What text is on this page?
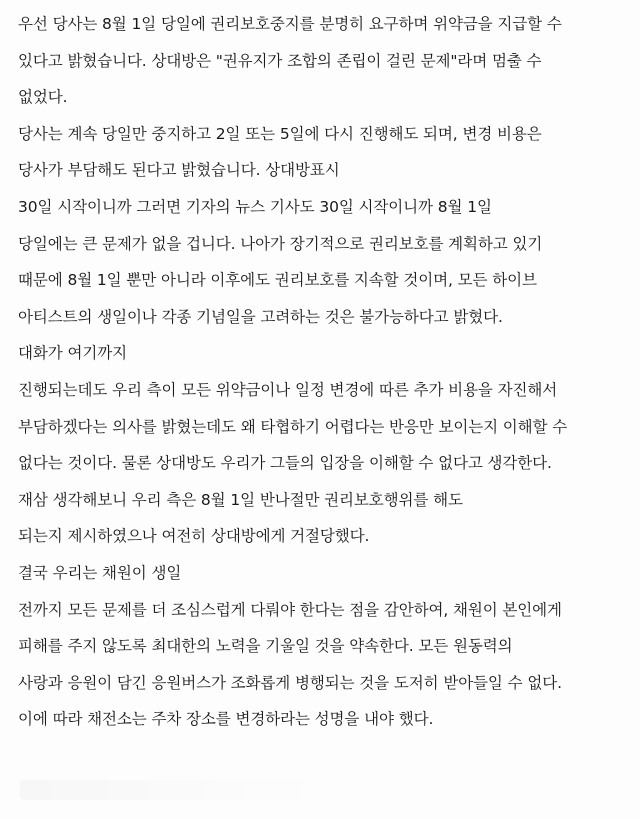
우선 당사는 8월 1일 당일에 권리보호중지를 분명히 요구하며 위약금을 지급할 수
있다고 밝혔습니다. 상대방은 "권유지가 조합의 존립이 걸린 문제"라며 멈출 수
없었다.
당사는 계속 당일만 중지하고 2일 또는 5일에 다시 진행해도 되며, 변경 비용은
당사가 부담해도 된다고 밝혔습니다. 상대방표시
30일 시작이니까 그러면 기자의 뉴스 기사도 30일 시작이니까 8월 1일
당일에는 큰 문제가 없을 겁니다. 나아가 장기적으로 권리보호를 계획하고 있기
때문에 8월 1일 뿐만 아니라 이후에도 권리보호를 지속할 것이며, 모든 하이브
아티스트의 생일이나 각종 기념일을 고려하는 것은 불가능하다고 밝혔다.
대화가 여기까지
진행되는데도 우리 측이 모든 위약금이나 일정 변경에 따른 추가 비용을 자진해서
부담하겠다는 의사를 밝혔는데도 왜 타협하기 어렵다는 반응만 보이는지 이해할 수
없다는 것이다. 물론 상대방도 우리가 그들의 입장을 이해할 수 없다고 생각한다.
재삼 생각해보니 우리 측은 8월 1일 반나절만 권리보호행위를 해도
되는지 제시하였으나 여전히 상대방에게 거절당했다.
결국 우리는 채원이 생일
전까지 모든 문제를 더 조심스럽게 다뤄야 한다는 점을 감안하여, 채원이 본인에게
피해를 주지 않도록 최대한의 노력을 기울일 것을 약속한다. 모든 원동력의
사랑과 응원이 담긴 응원버스가 조화롭게 병행되는 것을 도저히 받아들일 수 없다.
이에 따라 채전소는 주차 장소를 변경하라는 성명을 내야 했다.
